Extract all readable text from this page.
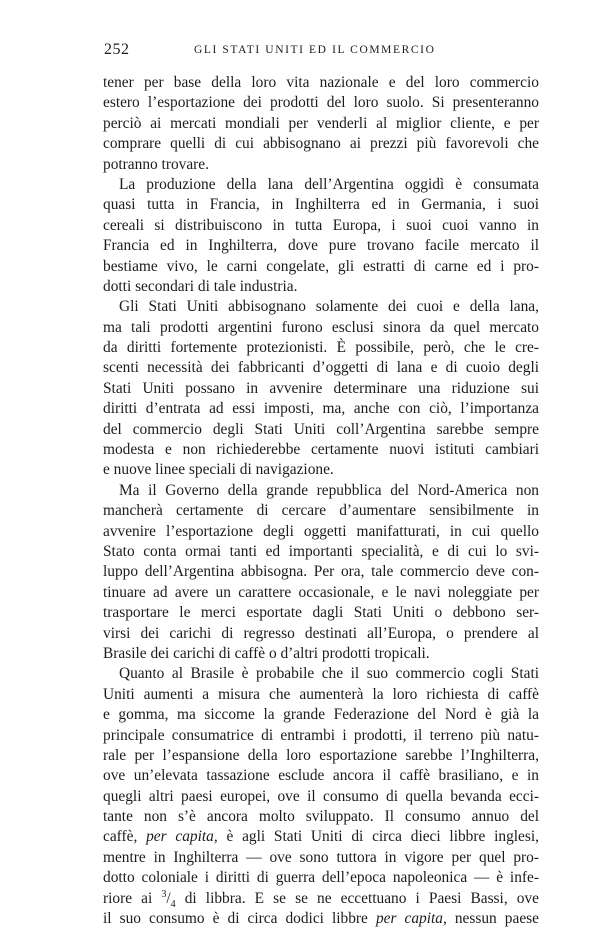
252	GLI STATI UNITI ED IL COMMERCIO
tener per base della loro vita nazionale e del loro commercio
estero l’esportazione dei prodotti del loro suolo. Si presenteranno
perciò ai mercati mondiali per venderli al miglior cliente, e per
comprare quelli di cui abbisognano ai prezzi più favorevoli che
potranno trovare.
La produzione della lana dell’Argentina oggidì è consumata
quasi tutta in Francia, in Inghilterra ed in Germania, i suoi
cereali si distribuiscono in tutta Europa, i suoi cuoi vanno in
Francia ed in Inghilterra, dove pure trovano facile mercato il
bestiame vivo, le carni congelate, gli estratti di carne ed i pro-
dotti secondari di tale industria.
Gli Stati Uniti abbisognano solamente dei cuoi e della lana,
ma tali prodotti argentini furono esclusi sinora da quel mercato
da diritti fortemente protezionisti. È possibile, però, che le cre-
scenti necessità dei fabbricanti d’oggetti di lana e di cuoio degli
Stati Uniti possano in avvenire determinare una riduzione sui
diritti d’entrata ad essi imposti, ma, anche con ciò, l’importanza
del commercio degli Stati Uniti coll’Argentina sarebbe sempre
modesta e non richiederebbe certamente nuovi istituti cambiari
e nuove linee speciali di navigazione.
Ma il Governo della grande repubblica del Nord-America non
mancherà certamente di cercare d’aumentare sensibilmente in
avvenire l’esportazione degli oggetti manifatturati, in cui quello
Stato conta ormai tanti ed importanti specialità, e di cui lo svi-
luppo dell’Argentina abbisogna. Per ora, tale commercio deve con-
tinuare ad avere un carattere occasionale, e le navi noleggiate per
trasportare le merci esportate dagli Stati Uniti o debbono ser-
virsi dei carichi di regresso destinati all’Europa, o prendere al
Brasile dei carichi di caffè o d’altri prodotti tropicali.
Quanto al Brasile è probabile che il suo commercio cogli Stati
Uniti aumenti a misura che aumenterà la loro richiesta di caffè
e gomma, ma siccome la grande Federazione del Nord è già la
principale consumatrice di entrambi i prodotti, il terreno più natu-
rale per l’espansione della loro esportazione sarebbe l’Inghilterra,
ove un’elevata tassazione esclude ancora il caffè brasiliano, e in
quegli altri paesi europei, ove il consumo di quella bevanda ecci-
tante non s’è ancora molto sviluppato. Il consumo annuo del
caffè, per capita, è agli Stati Uniti di circa dieci libbre inglesi,
mentre in Inghilterra — ove sono tuttora in vigore per quel pro-
dotto coloniale i diritti di guerra dell’epoca napoleonica — è infe-
riore ai $^3/_4$ di libbra. E se se ne eccettuano i Paesi Bassi, ove
il suo consumo è di circa dodici libbre per capita, nessun paese
